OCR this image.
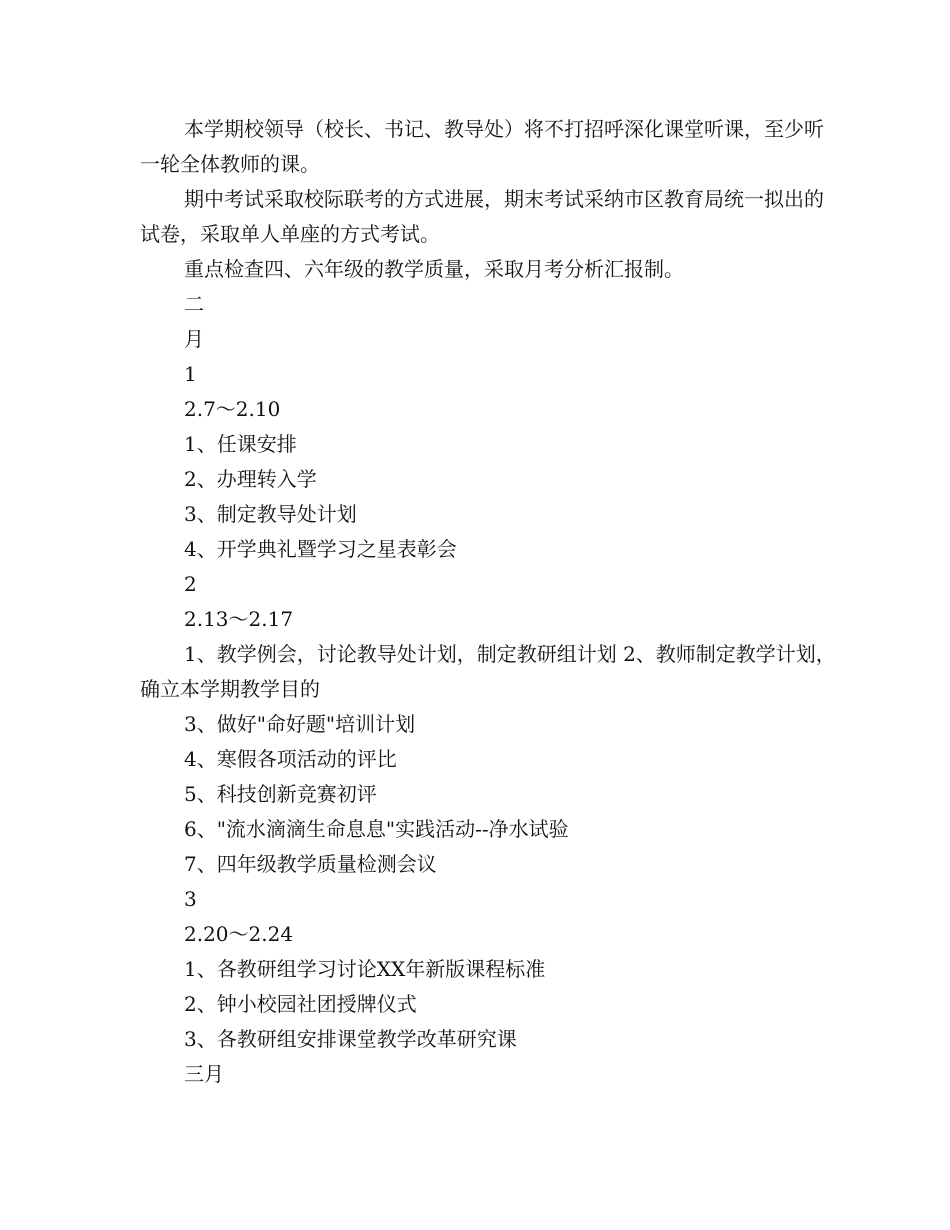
本学期校领导（校长、书记、教导处）将不打招呼深化课堂听课，至少听一轮全体教师的课。

期中考试采取校际联考的方式进展，期末考试采纳市区教育局统一拟出的试卷，采取单人单座的方式考试。

重点检查四、六年级的教学质量，采取月考分析汇报制。

二

月

1

2.7～2.10

1、任课安排

2、办理转入学

3、制定教导处计划

4、开学典礼暨学习之星表彰会

2

2.13～2.17

1、教学例会，讨论教导处计划，制定教研组计划 2、教师制定教学计划，确立本学期教学目的

3、做好"命好题"培训计划

4、寒假各项活动的评比

5、科技创新竞赛初评

6、"流水滴滴生命息息"实践活动--净水试验

7、四年级教学质量检测会议

3

2.20～2.24

1、各教研组学习讨论XX年新版课程标准

2、钟小校园社团授牌仪式

3、各教研组安排课堂教学改革研究课

三月
